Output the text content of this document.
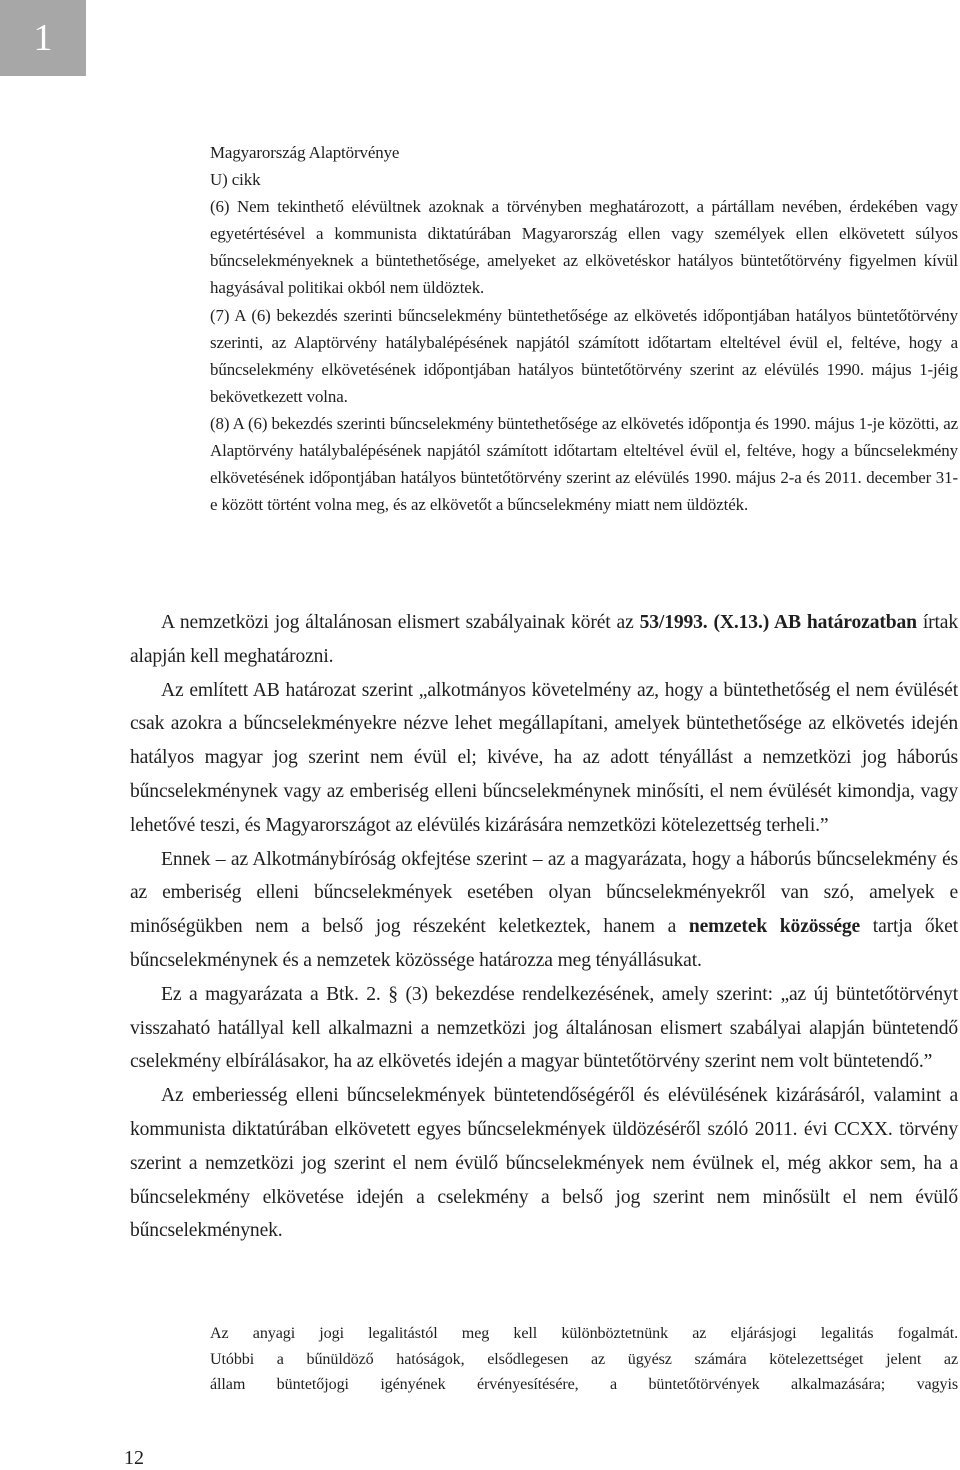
1

Magyarország Alaptörvénye

U) cikk

(6) Nem tekinthető elévültnek azoknak a törvényben meghatározott, a pártállam nevében, érdekében vagy egyetértésével a kommunista diktatúrában Magyarország ellen vagy személyek ellen elkövetett súlyos bűncselekményeknek a büntethetősége, amelyeket az elkövetéskor hatályos büntetőtörvény figyelmen kívül hagyásával politikai okból nem üldöztek.

(7) A (6) bekezdés szerinti bűncselekmény büntethetősége az elkövetés időpontjában hatályos büntetőtörvény szerinti, az Alaptörvény hatálybalépésének napjától számított időtartam elteltével évül el, feltéve, hogy a bűncselekmény elkövetésének időpontjában hatályos büntetőtörvény szerint az elévülés 1990. május 1-jéig bekövetkezett volna.

(8) A (6) bekezdés szerinti bűncselekmény büntethetősége az elkövetés időpontja és 1990. május 1-je közötti, az Alaptörvény hatálybalépésének napjától számított időtartam elteltével évül el, feltéve, hogy a bűncselekmény elkövetésének időpontjában hatályos büntetőtörvény szerint az elévülés 1990. május 2-a és 2011. december 31-e között történt volna meg, és az elkövetőt a bűncselekmény miatt nem üldözték.

A nemzetközi jog általánosan elismert szabályainak körét az 53/1993. (X.13.) AB határozatban írtak alapján kell meghatározni.

Az említett AB határozat szerint „alkotmányos követelmény az, hogy a büntethetőség el nem évülését csak azokra a bűncselekményekre nézve lehet megállapítani, amelyek büntethetősége az elkövetés idején hatályos magyar jog szerint nem évül el; kivéve, ha az adott tényállást a nemzetközi jog háborús bűncselekménynek vagy az emberiség elleni bűncselekménynek minősíti, el nem évülését kimondja, vagy lehetővé teszi, és Magyarországot az elévülés kizárására nemzetközi kötelezettség terheli.”

Ennek – az Alkotmánybíróság okfejtése szerint – az a magyarázata, hogy a háborús bűncselekmény és az emberiség elleni bűncselekmények esetében olyan bűncselekményekről van szó, amelyek e minőségükben nem a belső jog részeként keletkeztek, hanem a nemzetek közössége tartja őket bűncselekménynek és a nemzetek közössége határozza meg tényállásukat.

Ez a magyarázata a Btk. 2. § (3) bekezdése rendelkezésének, amely szerint: „az új büntetőtörvényt visszaható hatállyal kell alkalmazni a nemzetközi jog általánosan elismert szabályai alapján büntetendő cselekmény elbírálásakor, ha az elkövetés idején a magyar büntetőtörvény szerint nem volt büntetendő.”

Az emberiesség elleni bűncselekmények büntetendőségéről és elévülésének kizárásáról, valamint a kommunista diktatúrában elkövetett egyes bűncselekmények üldözéséről szóló 2011. évi CCXX. törvény szerint a nemzetközi jog szerint el nem évülő bűncselekmények nem évülnek el, még akkor sem, ha a bűncselekmény elkövetése idején a cselekmény a belső jog szerint nem minősült el nem évülő bűncselekménynek.

Az anyagi jogi legalitástól meg kell különböztetnünk az eljárásjogi legalitás fogalmát.

Utóbbi a bűnüldöző hatóságok, elsődlegesen az ügyész számára kötelezettséget jelent az

állam büntetőjogi igényének érvényesítésére, a büntetőtörvények alkalmazására; vagyis

12
